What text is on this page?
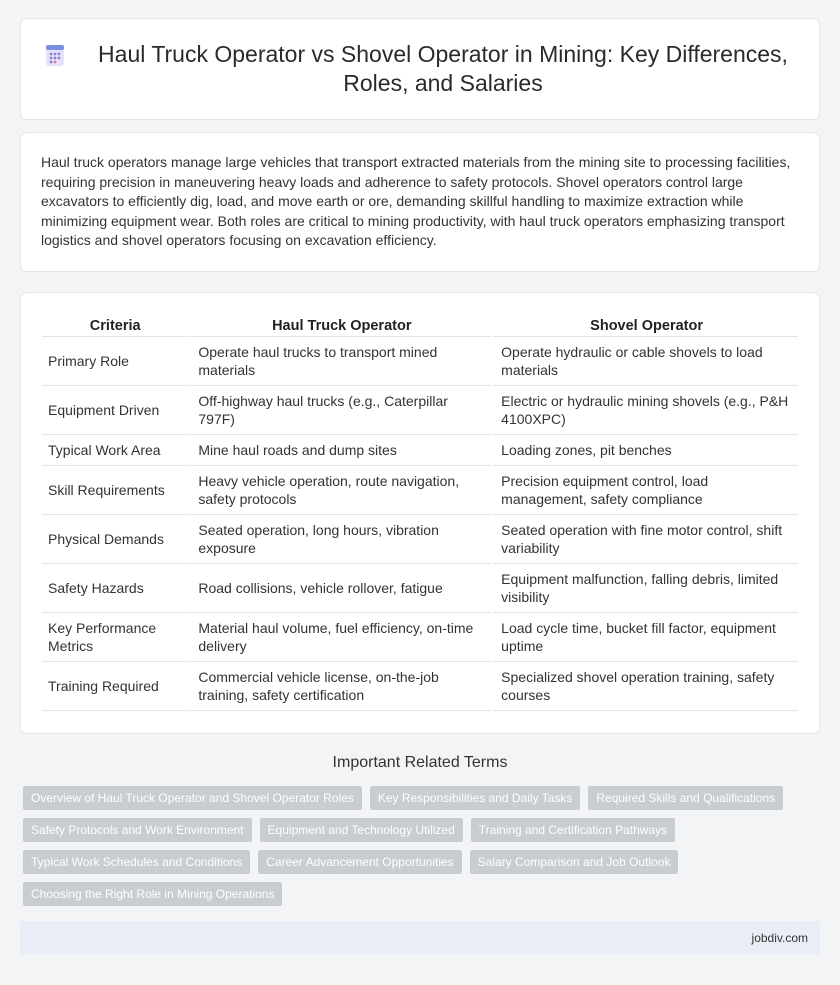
Haul Truck Operator vs Shovel Operator in Mining: Key Differences, Roles, and Salaries

Haul truck operators manage large vehicles that transport extracted materials from the mining site to processing facilities, requiring precision in maneuvering heavy loads and adherence to safety protocols. Shovel operators control large excavators to efficiently dig, load, and move earth or ore, demanding skillful handling to maximize extraction while minimizing equipment wear. Both roles are critical to mining productivity, with haul truck operators emphasizing transport logistics and shovel operators focusing on excavation efficiency.

Criteria	Haul Truck Operator	Shovel Operator
Primary Role	Operate haul trucks to transport mined materials	Operate hydraulic or cable shovels to load materials
Equipment Driven	Off-highway haul trucks (e.g., Caterpillar 797F)	Electric or hydraulic mining shovels (e.g., P&H 4100XPC)
Typical Work Area	Mine haul roads and dump sites	Loading zones, pit benches
Skill Requirements	Heavy vehicle operation, route navigation, safety protocols	Precision equipment control, load management, safety compliance
Physical Demands	Seated operation, long hours, vibration exposure	Seated operation with fine motor control, shift variability
Safety Hazards	Road collisions, vehicle rollover, fatigue	Equipment malfunction, falling debris, limited visibility
Key Performance Metrics	Material haul volume, fuel efficiency, on-time delivery	Load cycle time, bucket fill factor, equipment uptime
Training Required	Commercial vehicle license, on-the-job training, safety certification	Specialized shovel operation training, safety courses
Important Related Terms
Overview of Haul Truck Operator and Shovel Operator Roles	Key Responsibilities and Daily Tasks	Required Skills and Qualifications
Safety Protocols and Work Environment	Equipment and Technology Utilized	Training and Certification Pathways
Typical Work Schedules and Conditions	Career Advancement Opportunities	Salary Comparison and Job Outlook
Choosing the Right Role in Mining Operations
jobdiv.com
